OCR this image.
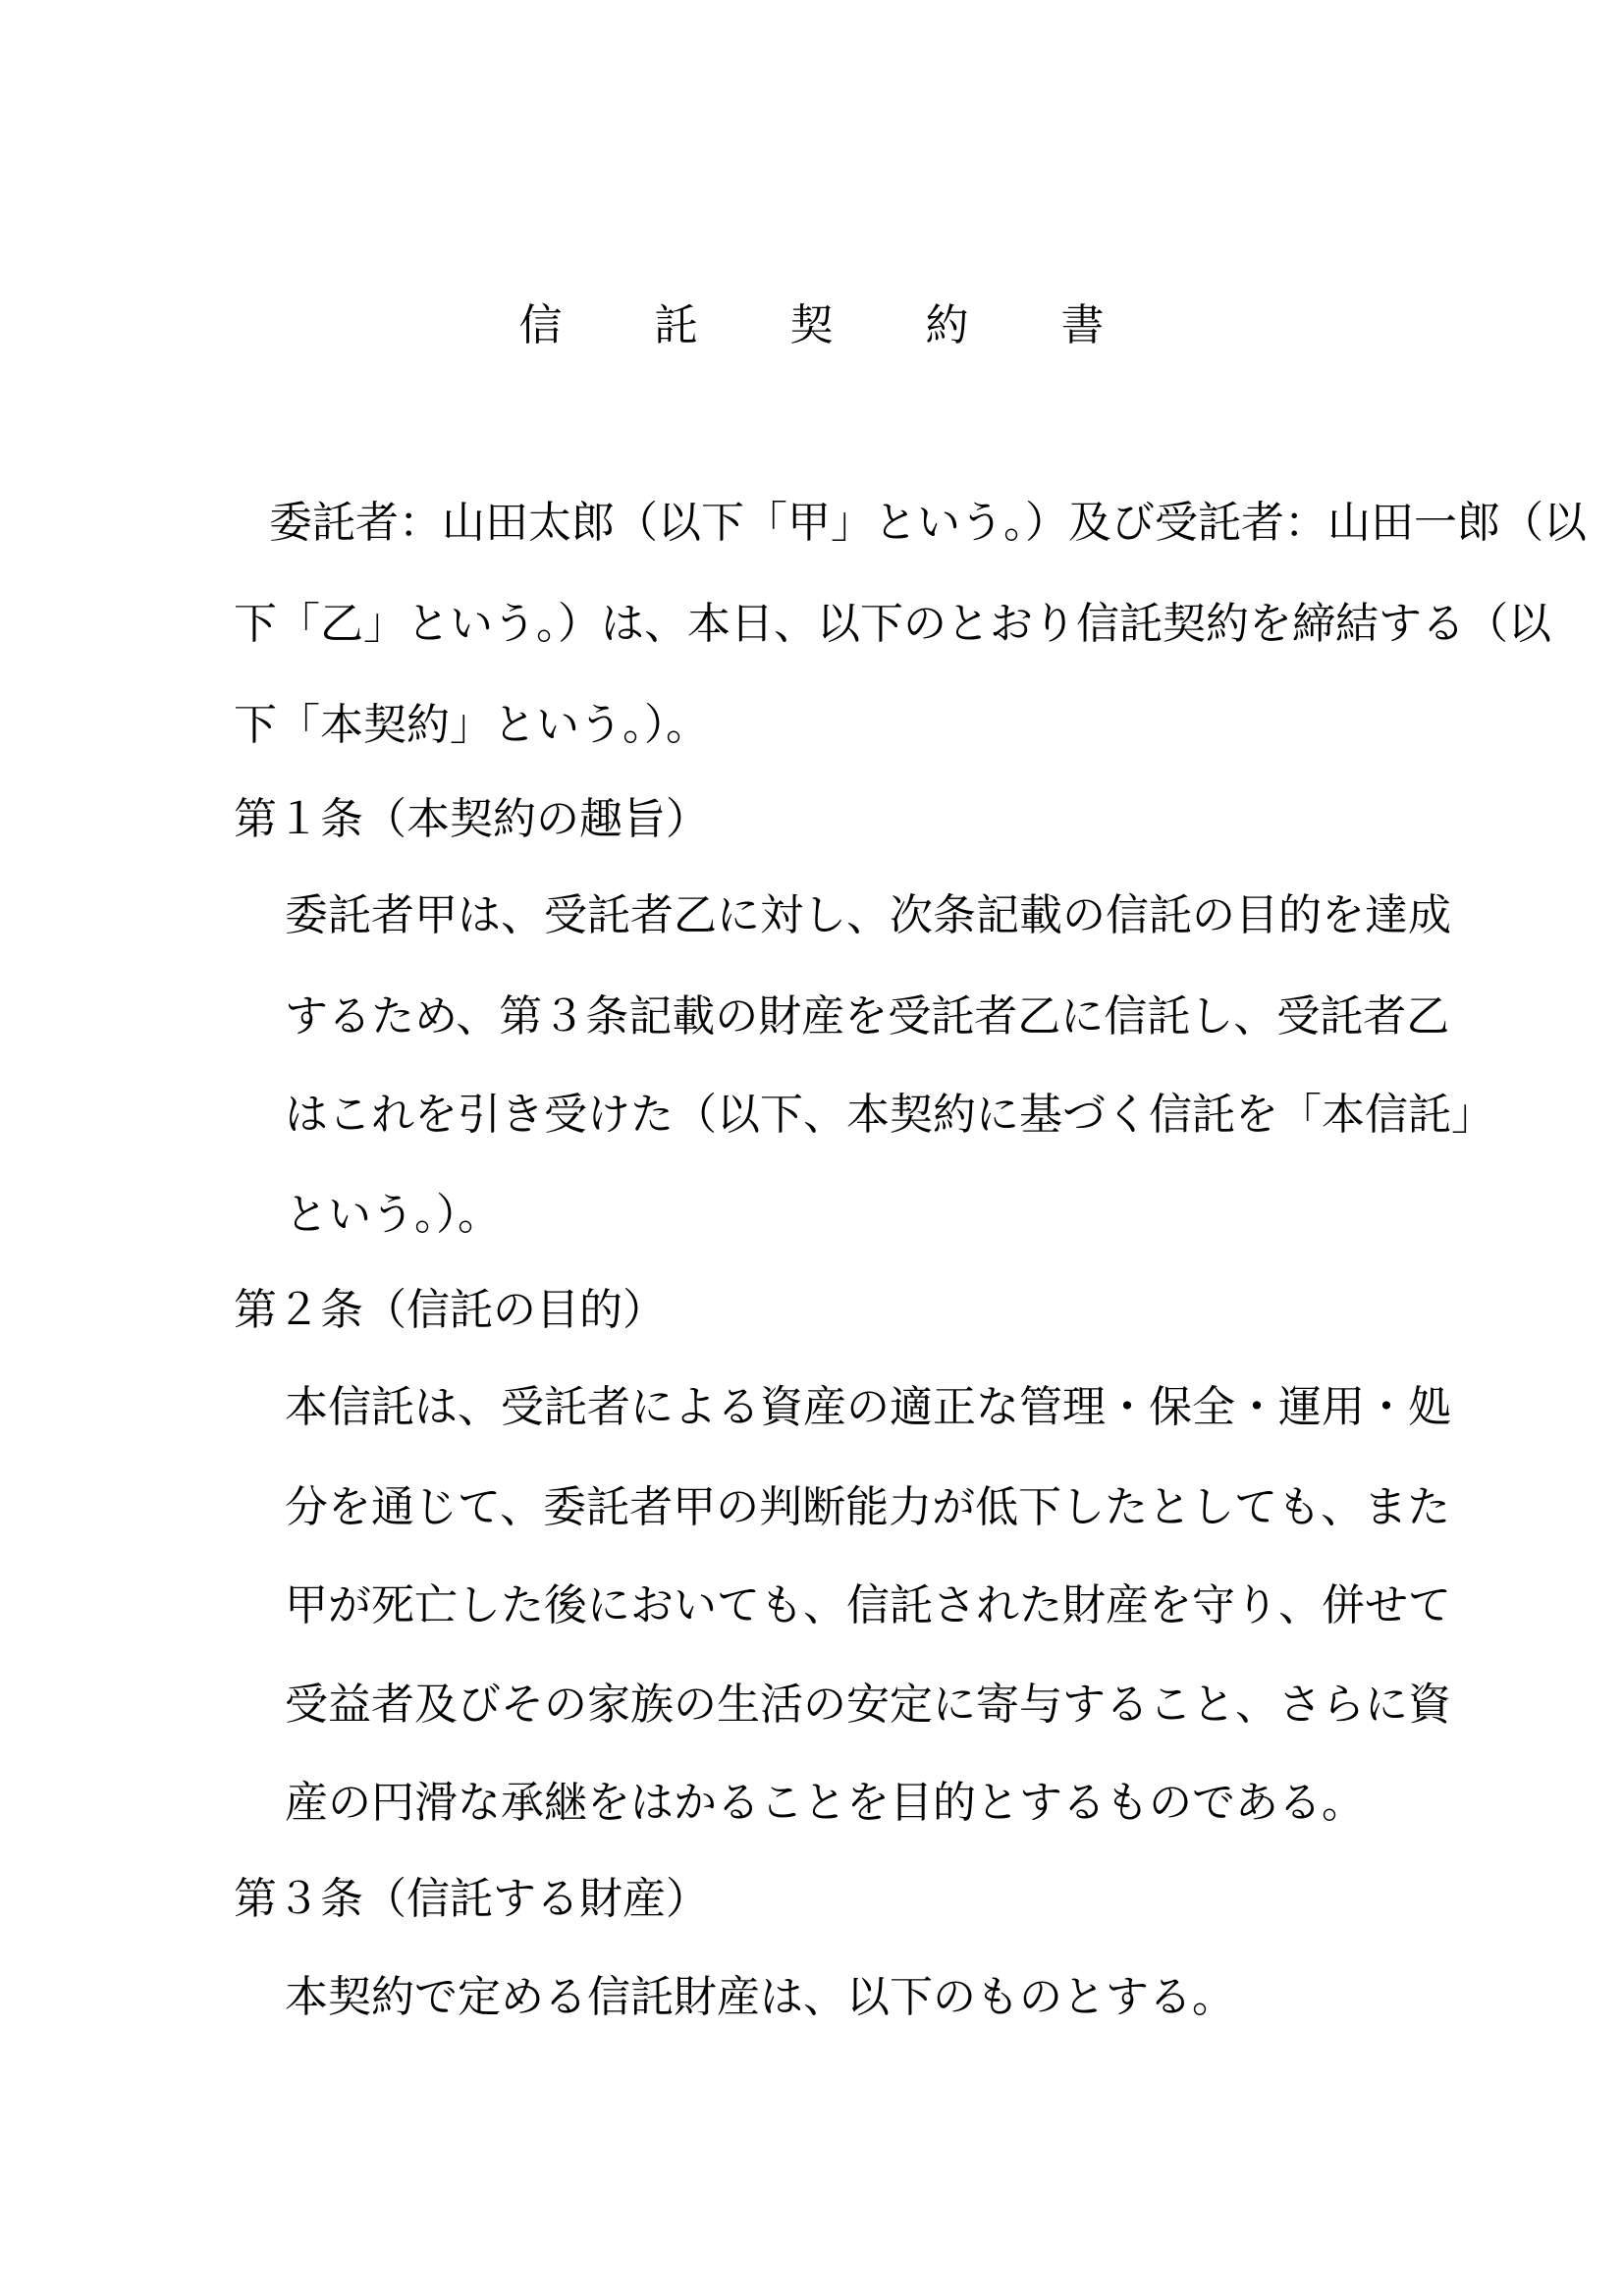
信 託 契 約 書
委託者：山田太郎（以下「甲」という。）及び受託者：山田一郎（以
下「乙」という。）は、本日、以下のとおり信託契約を締結する（以
下「本契約」という。）。
第１条（本契約の趣旨）
委託者甲は、受託者乙に対し、次条記載の信託の目的を達成
するため、第３条記載の財産を受託者乙に信託し、受託者乙
はこれを引き受けた（以下、本契約に基づく信託を「本信託」
という。）。
第２条（信託の目的）
本信託は、受託者による資産の適正な管理・保全・運用・処
分を通じて、委託者甲の判断能力が低下したとしても、また
甲が死亡した後においても、信託された財産を守り、併せて
受益者及びその家族の生活の安定に寄与すること、さらに資
産の円滑な承継をはかることを目的とするものである。
第３条（信託する財産）
本契約で定める信託財産は、以下のものとする。
